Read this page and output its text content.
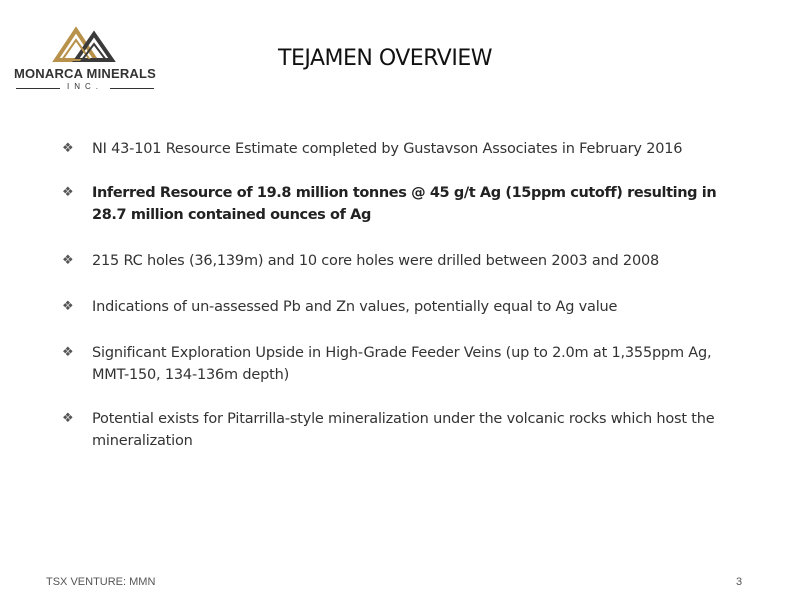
MONARCA MINERALS
INC.
TEJAMEN OVERVIEW
❖	NI 43-101 Resource Estimate completed by Gustavson Associates in February 2016
❖	Inferred Resource of 19.8 million tonnes @ 45 g/t Ag (15ppm cutoff) resulting in 28.7 million contained ounces of Ag
❖	215 RC holes (36,139m) and 10 core holes were drilled between 2003 and 2008
❖	Indications of un-assessed Pb and Zn values, potentially equal to Ag value
❖	Significant Exploration Upside in High-Grade Feeder Veins (up to 2.0m at 1,355ppm Ag, MMT-150, 134-136m depth)
❖	Potential exists for Pitarrilla-style mineralization under the volcanic rocks which host the mineralization
TSX VENTURE: MMN	3
